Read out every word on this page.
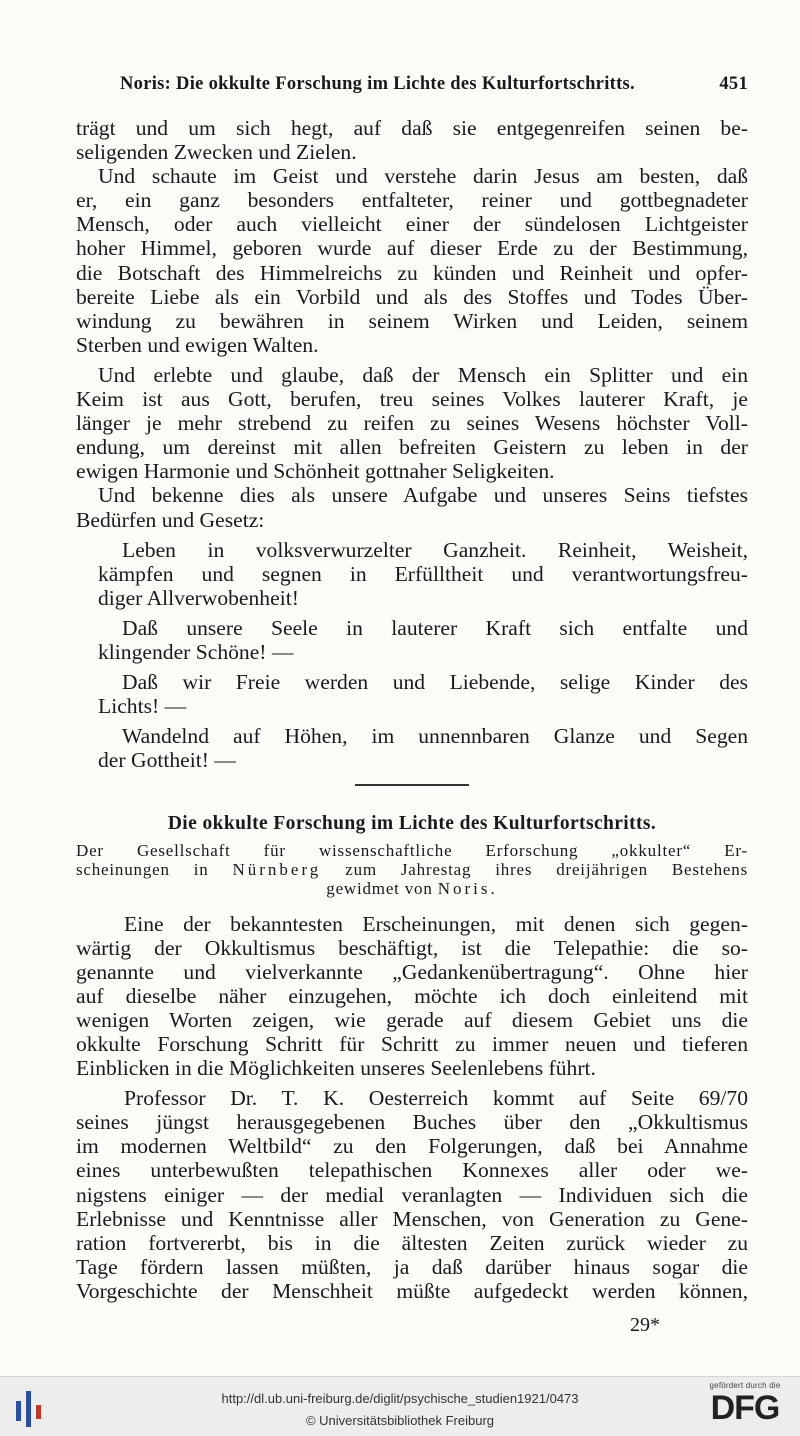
Noris: Die okkulte Forschung im Lichte des Kulturfortschritts.	451
trägt und um sich hegt, auf daß sie entgegenreifen seinen be-
seligenden Zwecken und Zielen.
Und schaute im Geist und verstehe darin Jesus am besten, daß
er, ein ganz besonders entfalteter, reiner und gottbegnadeter
Mensch, oder auch vielleicht einer der sündelosen Lichtgeister
hoher Himmel, geboren wurde auf dieser Erde zu der Bestimmung,
die Botschaft des Himmelreichs zu künden und Reinheit und opfer-
bereite Liebe als ein Vorbild und als des Stoffes und Todes Über-
windung zu bewähren in seinem Wirken und Leiden, seinem
Sterben und ewigen Walten.
Und erlebte und glaube, daß der Mensch ein Splitter und ein
Keim ist aus Gott, berufen, treu seines Volkes lauterer Kraft, je
länger je mehr strebend zu reifen zu seines Wesens höchster Voll-
endung, um dereinst mit allen befreiten Geistern zu leben in der
ewigen Harmonie und Schönheit gottnaher Seligkeiten.
Und bekenne dies als unsere Aufgabe und unseres Seins tiefstes
Bedürfen und Gesetz:
Leben in volksverwurzelter Ganzheit. Reinheit, Weisheit,
kämpfen und segnen in Erfülltheit und verantwortungsfreu-
diger Allverwobenheit!
Daß unsere Seele in lauterer Kraft sich entfalte und
klingender Schöne! —
Daß wir Freie werden und Liebende, selige Kinder des
Lichts! —
Wandelnd auf Höhen, im unnennbaren Glanze und Segen
der Gottheit! —
Die okkulte Forschung im Lichte des Kulturfortschritts.
Der Gesellschaft für wissenschaftliche Erforschung „okkulter“ Er-
scheinungen in Nürnberg zum Jahrestag ihres dreijährigen Bestehens
gewidmet von Noris.
Eine der bekanntesten Erscheinungen, mit denen sich gegen-
wärtig der Okkultismus beschäftigt, ist die Telepathie: die so-
genannte und vielverkannte „Gedankenübertragung“. Ohne hier
auf dieselbe näher einzugehen, möchte ich doch einleitend mit
wenigen Worten zeigen, wie gerade auf diesem Gebiet uns die
okkulte Forschung Schritt für Schritt zu immer neuen und tieferen
Einblicken in die Möglichkeiten unseres Seelenlebens führt.
Professor Dr. T. K. Oesterreich kommt auf Seite 69/70
seines jüngst herausgegebenen Buches über den „Okkultismus
im modernen Weltbild“ zu den Folgerungen, daß bei Annahme
eines unterbewußten telepathischen Konnexes aller oder we-
nigstens einiger — der medial veranlagten — Individuen sich die
Erlebnisse und Kenntnisse aller Menschen, von Generation zu Gene-
ration fortvererbt, bis in die ältesten Zeiten zurück wieder zu
Tage fördern lassen müßten, ja daß darüber hinaus sogar die
Vorgeschichte der Menschheit müßte aufgedeckt werden können,
29*
http://dl.ub.uni-freiburg.de/diglit/psychische_studien1921/0473
© Universitätsbibliothek Freiburg
gefördert durch die
DFG
